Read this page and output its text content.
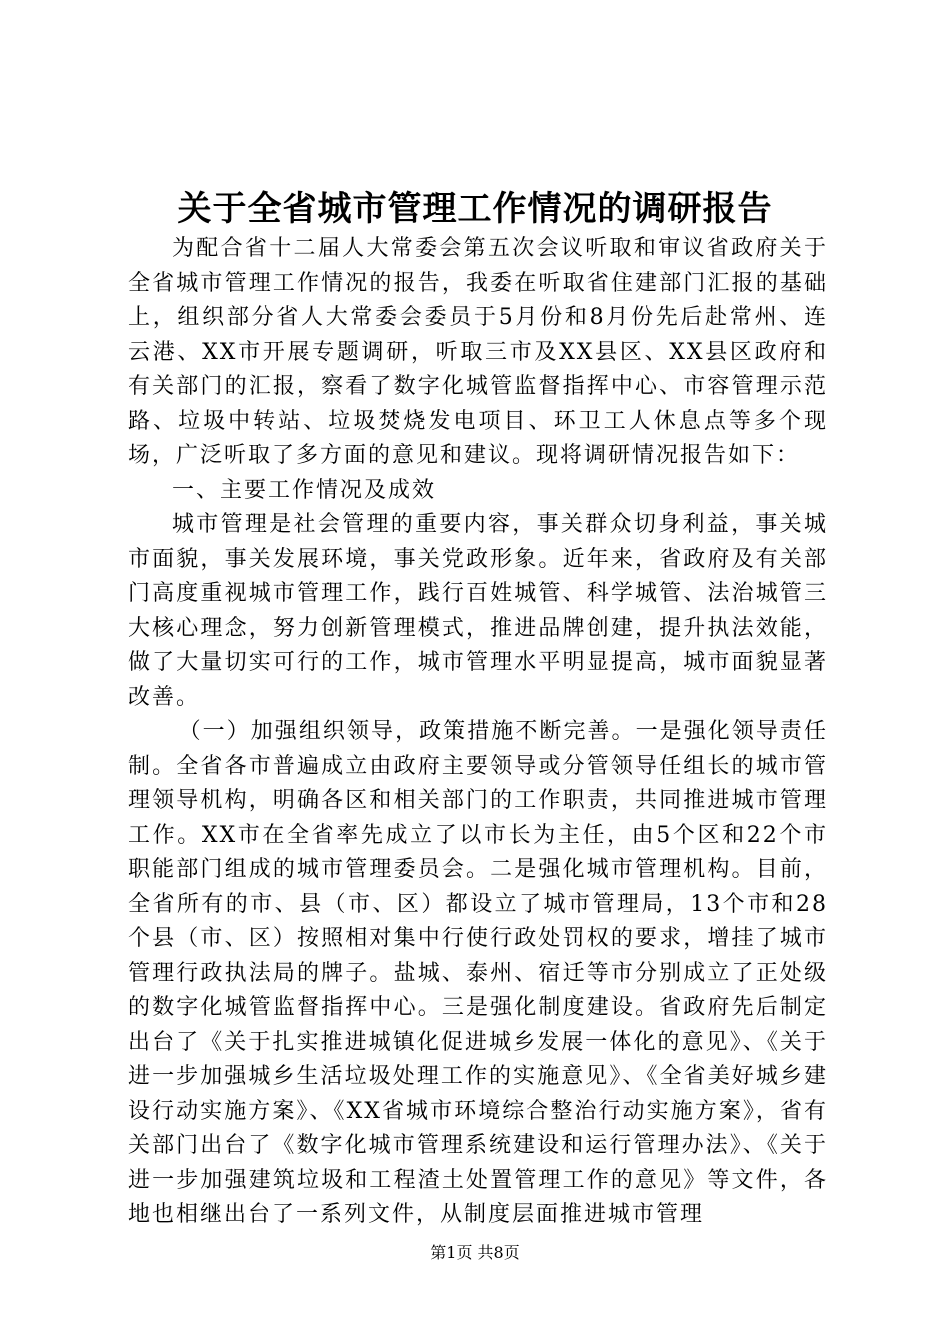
关于全省城市管理工作情况的调研报告

为配合省十二届人大常委会第五次会议听取和审议省政府关于全省城市管理工作情况的报告，我委在听取省住建部门汇报的基础上，组织部分省人大常委会委员于5月份和8月份先后赴常州、连云港、XX市开展专题调研，听取三市及XX县区、XX县区政府和有关部门的汇报，察看了数字化城管监督指挥中心、市容管理示范路、垃圾中转站、垃圾焚烧发电项目、环卫工人休息点等多个现场，广泛听取了多方面的意见和建议。现将调研情况报告如下：

一、主要工作情况及成效

城市管理是社会管理的重要内容，事关群众切身利益，事关城市面貌，事关发展环境，事关党政形象。近年来，省政府及有关部门高度重视城市管理工作，践行百姓城管、科学城管、法治城管三大核心理念，努力创新管理模式，推进品牌创建，提升执法效能，做了大量切实可行的工作，城市管理水平明显提高，城市面貌显著改善。

（一）加强组织领导，政策措施不断完善。一是强化领导责任制。全省各市普遍成立由政府主要领导或分管领导任组长的城市管理领导机构，明确各区和相关部门的工作职责，共同推进城市管理工作。XX市在全省率先成立了以市长为主任，由5个区和22个市职能部门组成的城市管理委员会。二是强化城市管理机构。目前，全省所有的市、县（市、区）都设立了城市管理局，13个市和28个县（市、区）按照相对集中行使行政处罚权的要求，增挂了城市管理行政执法局的牌子。盐城、泰州、宿迁等市分别成立了正处级的数字化城管监督指挥中心。三是强化制度建设。省政府先后制定出台了《关于扎实推进城镇化促进城乡发展一体化的意见》、《关于进一步加强城乡生活垃圾处理工作的实施意见》、《全省美好城乡建设行动实施方案》、《XX省城市环境综合整治行动实施方案》，省有关部门出台了《数字化城市管理系统建设和运行管理办法》、《关于进一步加强建筑垃圾和工程渣土处置管理工作的意见》等文件，各地也相继出台了一系列文件，从制度层面推进城市管理

第1页 共8页
